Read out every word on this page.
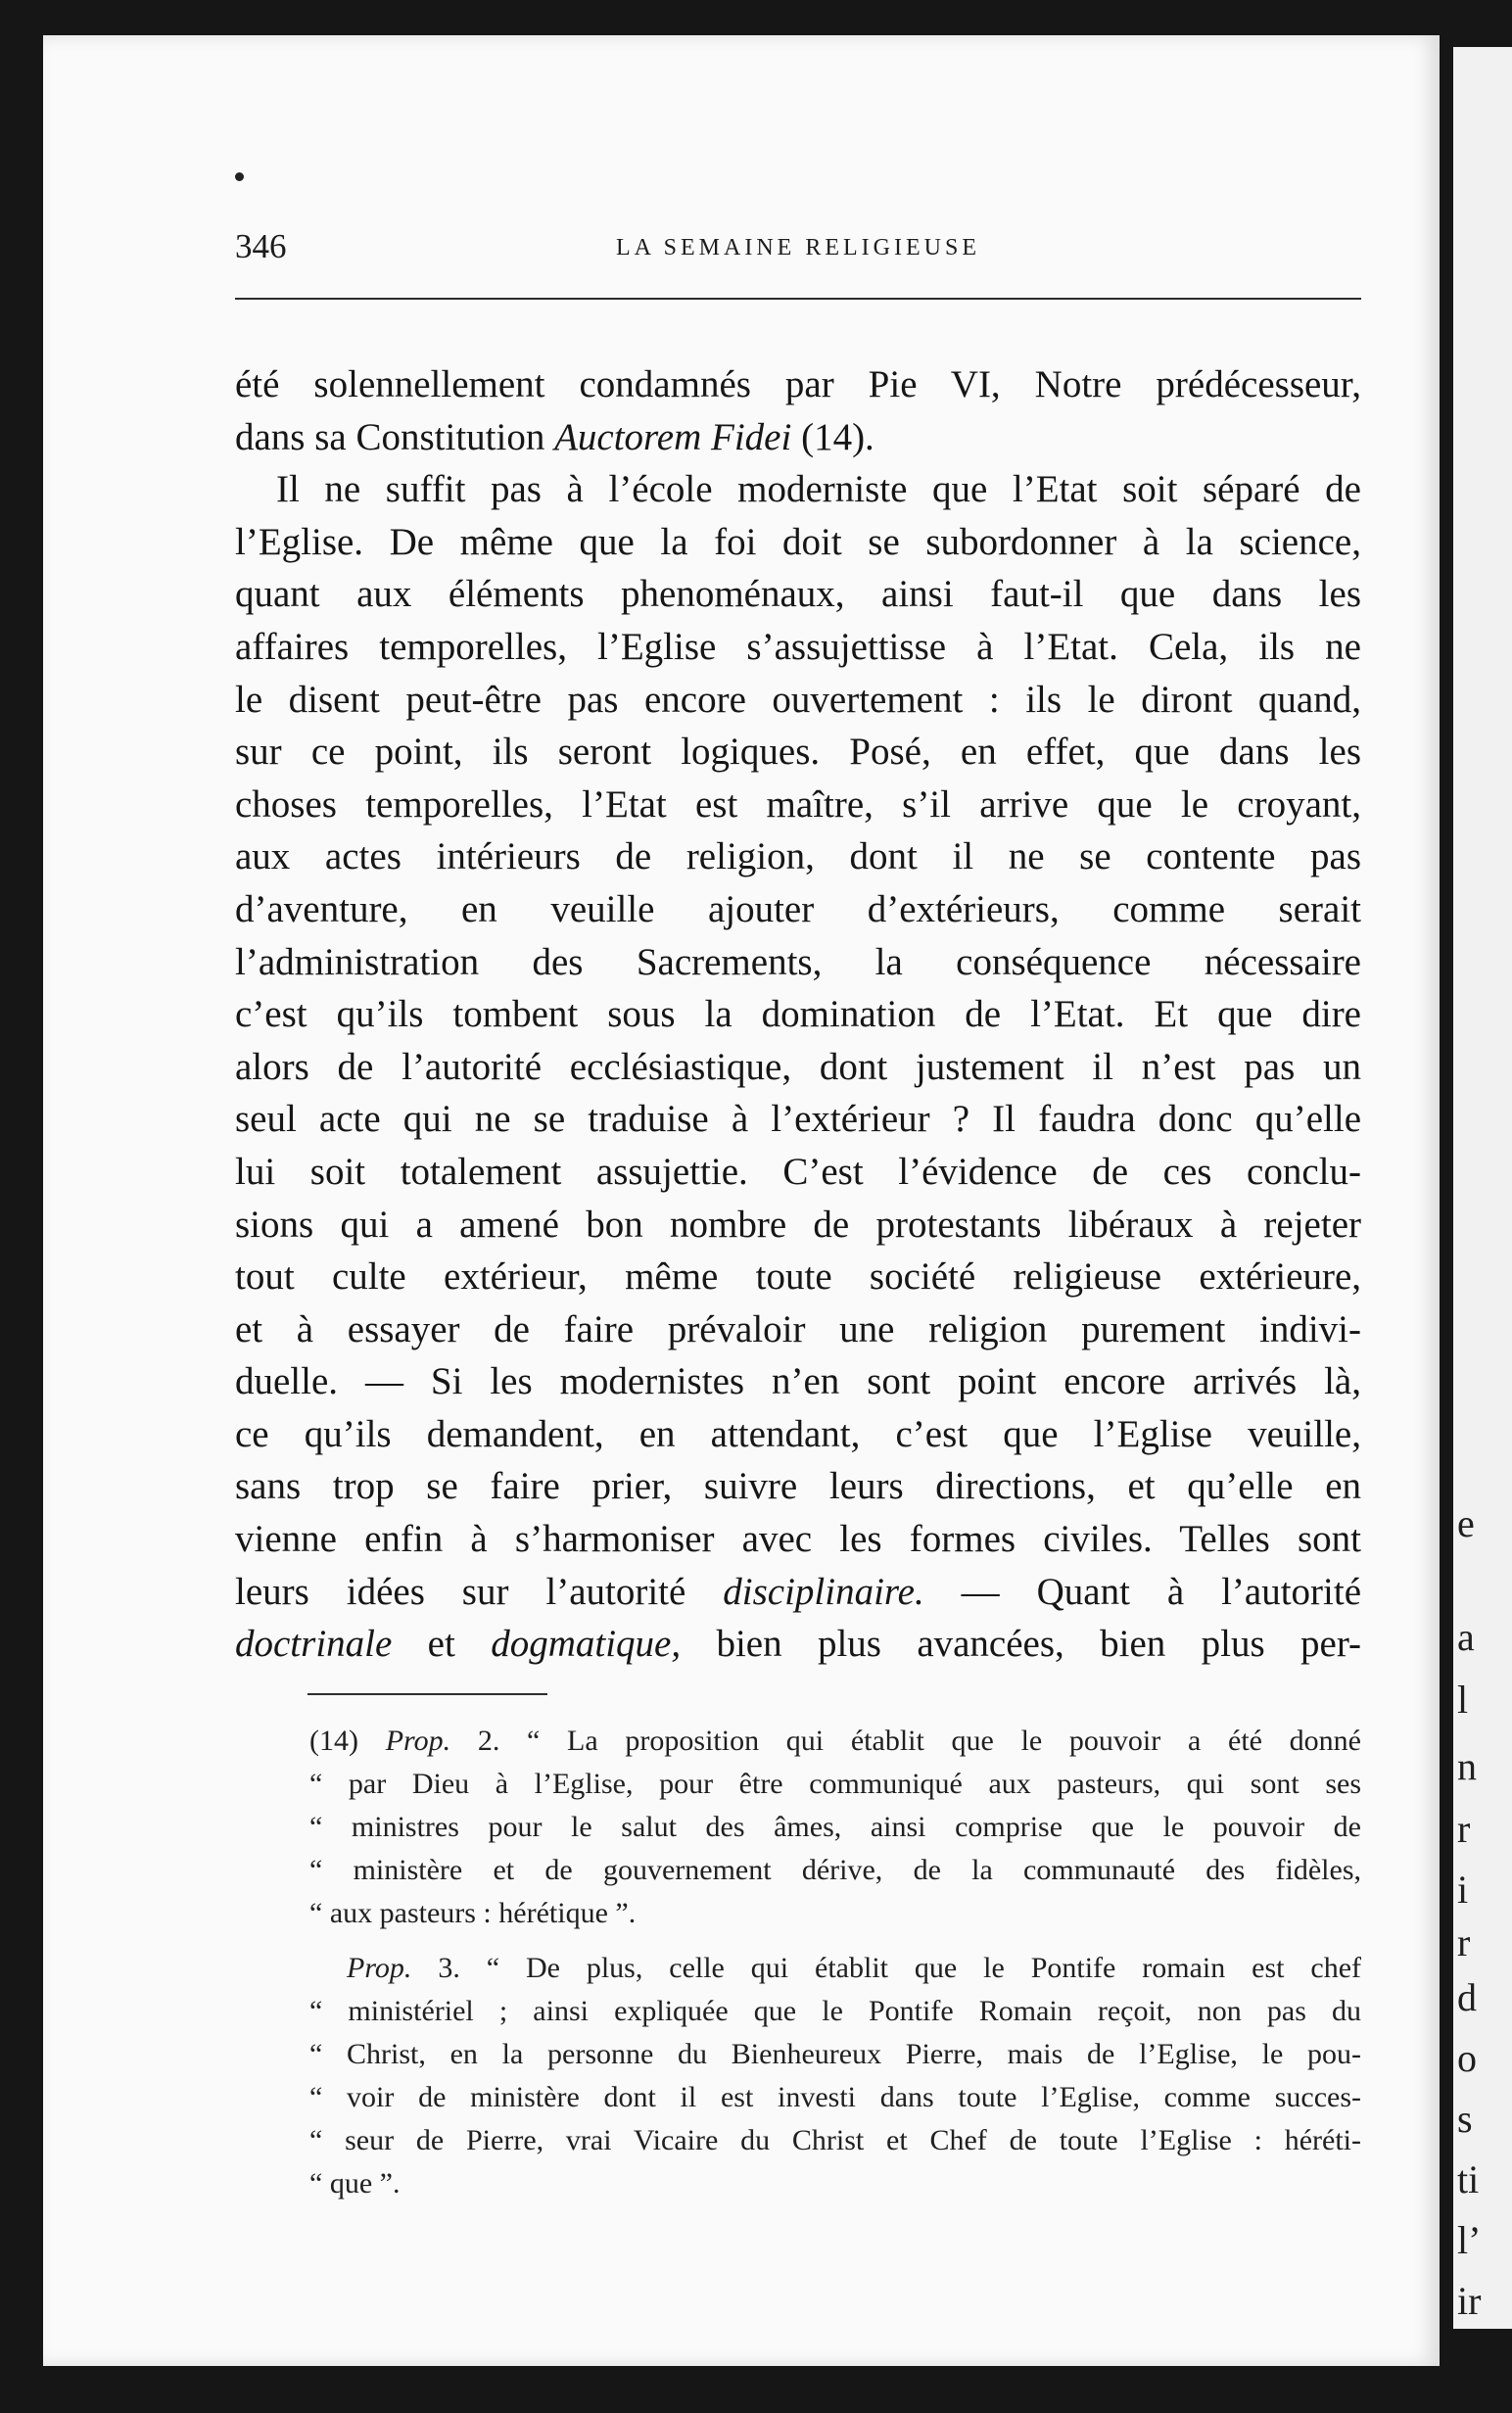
346	LA SEMAINE RELIGIEUSE
été solennellement condamnés par Pie VI, Notre prédécesseur,
dans sa Constitution Auctorem Fidei (14).
Il ne suffit pas à l’école moderniste que l’Etat soit séparé de
l’Eglise. De même que la foi doit se subordonner à la science,
quant aux éléments phenoménaux, ainsi faut-il que dans les
affaires temporelles, l’Eglise s’assujettisse à l’Etat. Cela, ils ne
le disent peut-être pas encore ouvertement : ils le diront quand,
sur ce point, ils seront logiques. Posé, en effet, que dans les
choses temporelles, l’Etat est maître, s’il arrive que le croyant,
aux actes intérieurs de religion, dont il ne se contente pas
d’aventure, en veuille ajouter d’extérieurs, comme serait
l’administration des Sacrements, la conséquence nécessaire
c’est qu’ils tombent sous la domination de l’Etat. Et que dire
alors de l’autorité ecclésiastique, dont justement il n’est pas un
seul acte qui ne se traduise à l’extérieur ? Il faudra donc qu’elle
lui soit totalement assujettie. C’est l’évidence de ces conclu-
sions qui a amené bon nombre de protestants libéraux à rejeter
tout culte extérieur, même toute société religieuse extérieure,
et à essayer de faire prévaloir une religion purement indivi-
duelle. — Si les modernistes n’en sont point encore arrivés là,
ce qu’ils demandent, en attendant, c’est que l’Eglise veuille,
sans trop se faire prier, suivre leurs directions, et qu’elle en
vienne enfin à s’harmoniser avec les formes civiles. Telles sont
leurs idées sur l’autorité disciplinaire. — Quant à l’autorité
doctrinale et dogmatique, bien plus avancées, bien plus per-
(14) Prop. 2. “ La proposition qui établit que le pouvoir a été donné
“ par Dieu à l’Eglise, pour être communiqué aux pasteurs, qui sont ses
“ ministres pour le salut des âmes, ainsi comprise que le pouvoir de
“ ministère et de gouvernement dérive, de la communauté des fidèles,
“ aux pasteurs : hérétique ”.
Prop. 3. “ De plus, celle qui établit que le Pontife romain est chef
“ ministériel ; ainsi expliquée que le Pontife Romain reçoit, non pas du
“ Christ, en la personne du Bienheureux Pierre, mais de l’Eglise, le pou-
“ voir de ministère dont il est investi dans toute l’Eglise, comme succes-
“ seur de Pierre, vrai Vicaire du Christ et Chef de toute l’Eglise : héréti-
“ que ”.
e
a
l
n
r
i
r
d
o
s
ti
l’
ir
